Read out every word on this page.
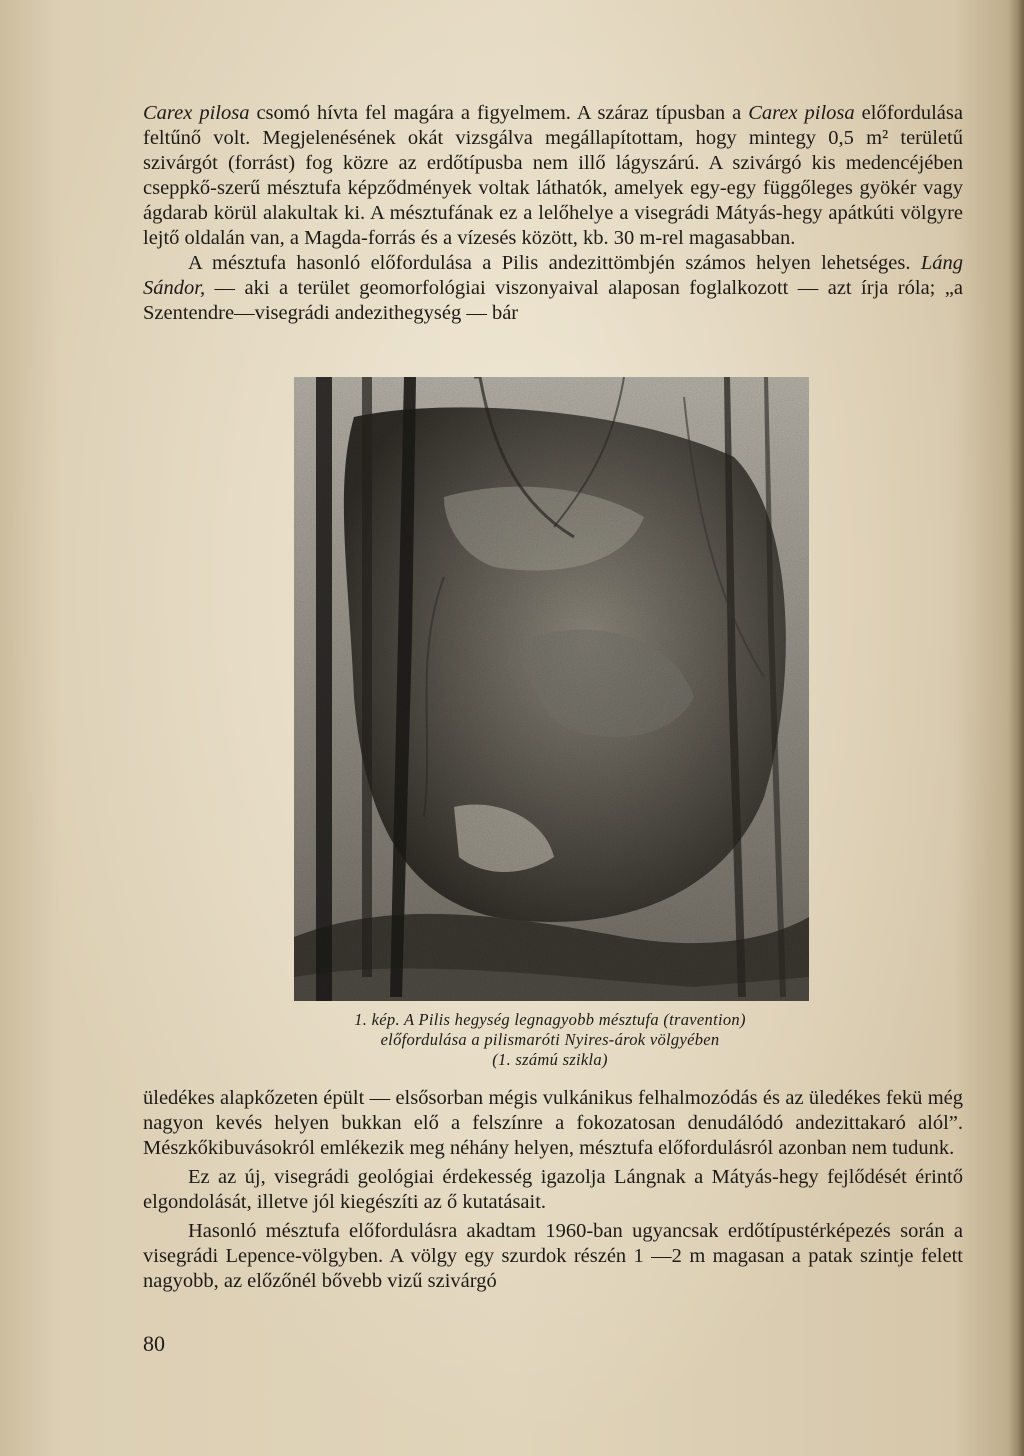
Carex pilosa csomó hívta fel magára a figyelmem. A száraz típusban a Carex pilosa előfordulása feltűnő volt. Megjelenésének okát vizsgálva megállapítottam, hogy mintegy 0,5 m² területű szivárgót (forrást) fog közre az erdőtípusba nem illő lágyszárú. A szivárgó kis medencéjében cseppkő-szerű mésztufa képződmények voltak láthatók, amelyek egy-egy függőleges gyökér vagy ágdarab körül alakultak ki. A mésztufának ez a lelőhelye a visegrádi Mátyás-hegy apátkúti völgyre lejtő oldalán van, a Magda-forrás és a vízesés között, kb. 30 m-rel magasabban.

A mésztufa hasonló előfordulása a Pilis andezittömbjén számos helyen lehetséges. Láng Sándor, — aki a terület geomorfológiai viszonyaival alaposan foglalkozott — azt írja róla; „a Szentendre—visegrádi andezithegység — bár

1. kép. A Pilis hegység legnagyobb mésztufa (travention)
előfordulása a pilismaróti Nyires-árok völgyében
(1. számú szikla)

üledékes alapkőzeten épült — elsősorban mégis vulkánikus felhalmozódás és az üledékes fekü még nagyon kevés helyen bukkan elő a felszínre a fokozatosan denudálódó andezittakaró alól”. Mészkőkibuvásokról emlékezik meg néhány helyen, mésztufa előfordulásról azonban nem tudunk.

Ez az új, visegrádi geológiai érdekesség igazolja Lángnak a Mátyás-hegy fejlődését érintő elgondolását, illetve jól kiegészíti az ő kutatásait.

Hasonló mésztufa előfordulásra akadtam 1960-ban ugyancsak erdőtípustérképezés során a visegrádi Lepence-völgyben. A völgy egy szurdok részén 1 —2 m magasan a patak szintje felett nagyobb, az előzőnél bővebb vizű szivárgó

80
